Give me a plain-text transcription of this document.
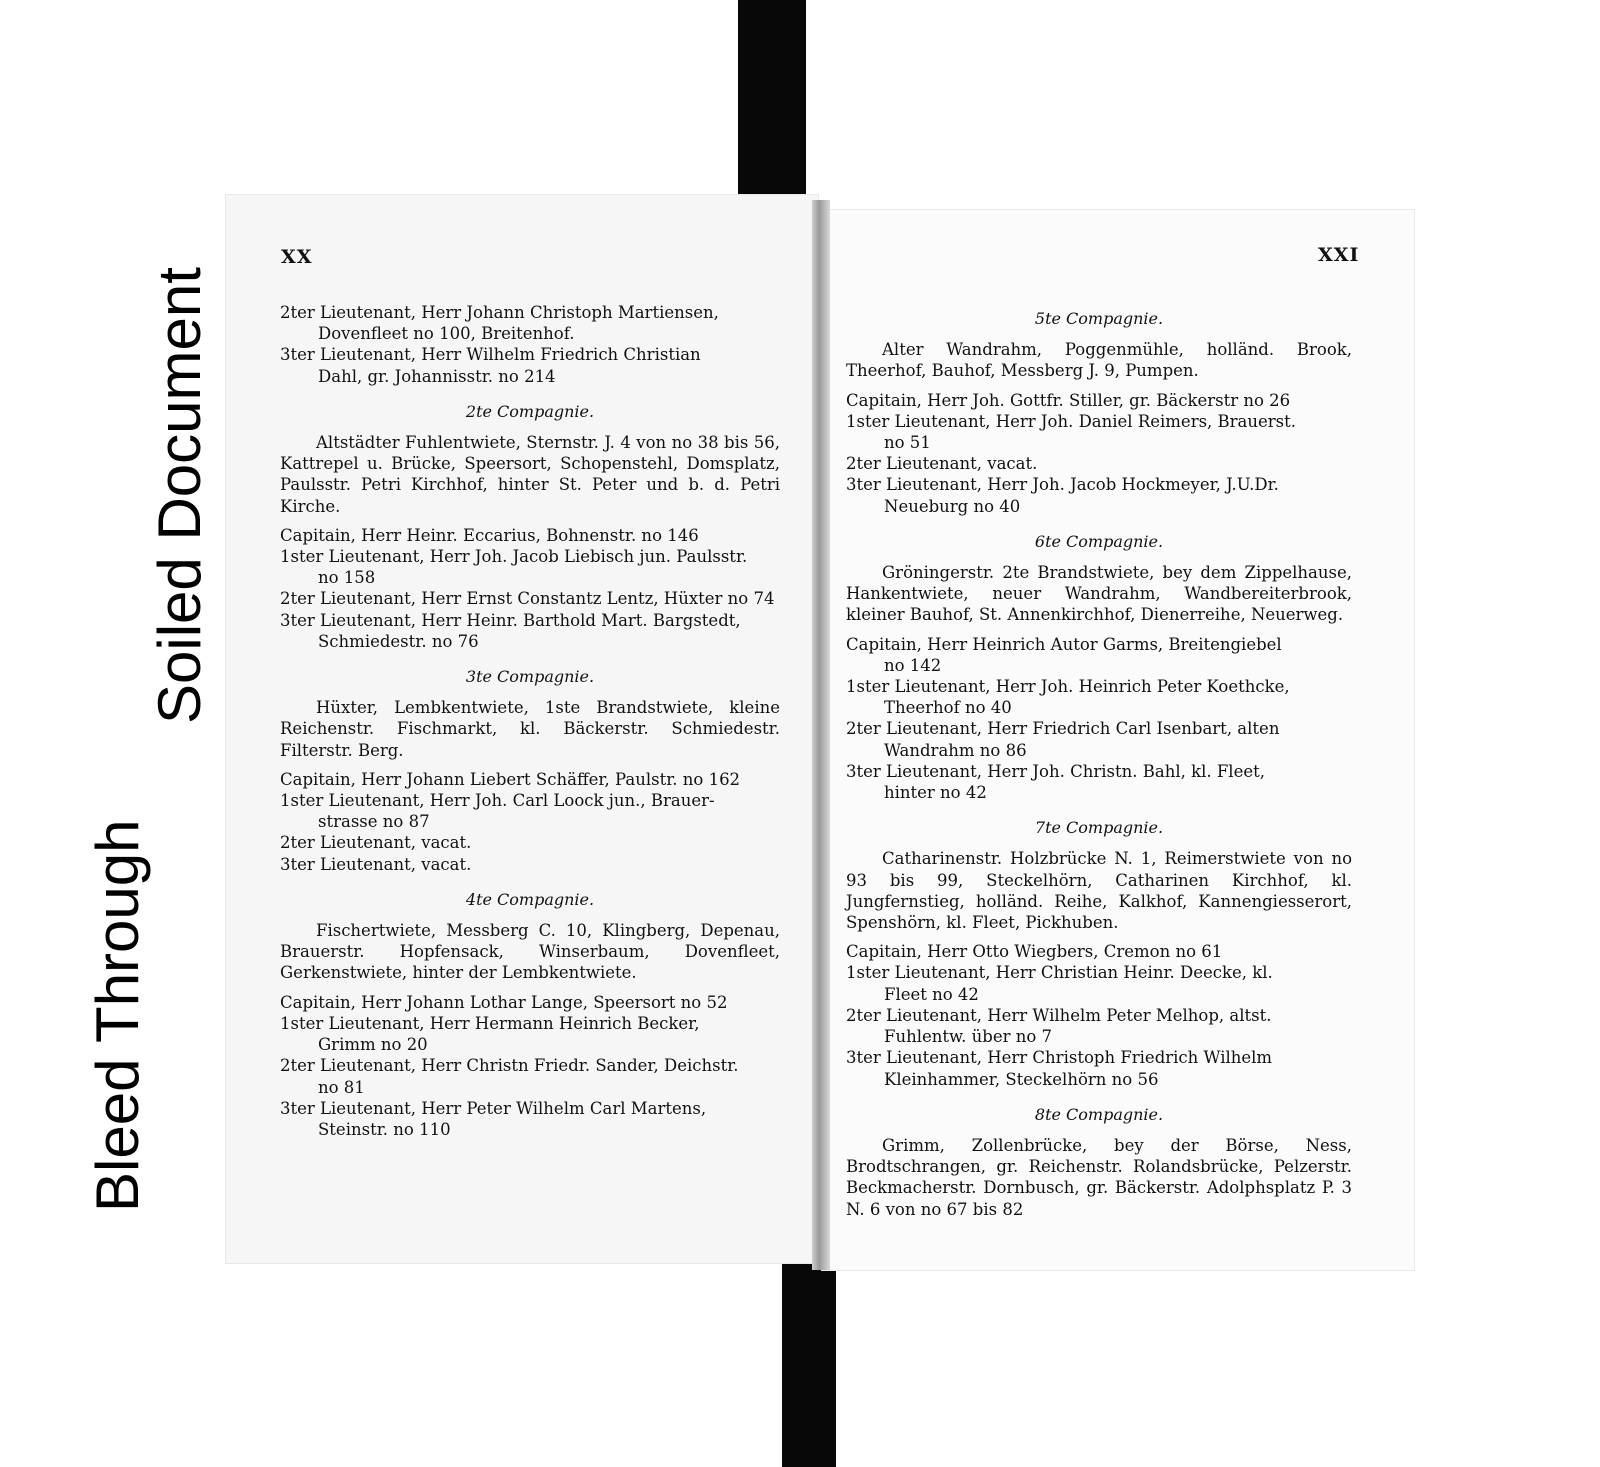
Bleed Through
Soiled Document
XX	XXI

2ter Lieutenant, Herr Johann Christoph Martiensen,
Dovenfleet no 100, Breitenhof.

3ter Lieutenant, Herr Wilhelm Friedrich Christian
Dahl, gr. Johannisstr. no 214

2te Compagnie.

Altstädter Fuhlentwiete, Sternstr. J. 4 von no 38 bis 56, Kattrepel u. Brücke, Speersort, Schopenstehl, Domsplatz, Paulsstr. Petri Kirchhof, hinter St. Peter und b. d. Petri Kirche.

Capitain, Herr Heinr. Eccarius, Bohnenstr. no 146

1ster Lieutenant, Herr Joh. Jacob Liebisch jun. Paulsstr.
no 158

2ter Lieutenant, Herr Ernst Constantz Lentz, Hüxter no 74

3ter Lieutenant, Herr Heinr. Barthold Mart. Bargstedt,
Schmiedestr. no 76

3te Compagnie.

Hüxter, Lembkentwiete, 1ste Brandstwiete, kleine Reichenstr. Fischmarkt, kl. Bäckerstr. Schmiedestr. Filterstr. Berg.

Capitain, Herr Johann Liebert Schäffer, Paulstr. no 162

1ster Lieutenant, Herr Joh. Carl Loock jun., Brauer-
strasse no 87

2ter Lieutenant, vacat.

3ter Lieutenant, vacat.

4te Compagnie.

Fischertwiete, Messberg C. 10, Klingberg, Depenau, Brauerstr. Hopfensack, Winserbaum, Dovenfleet, Gerkenstwiete, hinter der Lembkentwiete.

Capitain, Herr Johann Lothar Lange, Speersort no 52

1ster Lieutenant, Herr Hermann Heinrich Becker,
Grimm no 20

2ter Lieutenant, Herr Christn Friedr. Sander, Deichstr.
no 81

3ter Lieutenant, Herr Peter Wilhelm Carl Martens,
Steinstr. no 110

5te Compagnie.

Alter Wandrahm, Poggenmühle, holländ. Brook, Theerhof, Bauhof, Messberg J. 9, Pumpen.

Capitain, Herr Joh. Gottfr. Stiller, gr. Bäckerstr no 26

1ster Lieutenant, Herr Joh. Daniel Reimers, Brauerst.
no 51

2ter Lieutenant, vacat.

3ter Lieutenant, Herr Joh. Jacob Hockmeyer, J.U.Dr.
Neueburg no 40

6te Compagnie.

Gröningerstr. 2te Brandstwiete, bey dem Zippelhause, Hankentwiete, neuer Wandrahm, Wandbereiterbrook, kleiner Bauhof, St. Annenkirchhof, Dienerreihe, Neuerweg.

Capitain, Herr Heinrich Autor Garms, Breitengiebel
no 142

1ster Lieutenant, Herr Joh. Heinrich Peter Koethcke,
Theerhof no 40

2ter Lieutenant, Herr Friedrich Carl Isenbart, alten
Wandrahm no 86

3ter Lieutenant, Herr Joh. Christn. Bahl, kl. Fleet,
hinter no 42

7te Compagnie.

Catharinenstr. Holzbrücke N. 1, Reimerstwiete von no 93 bis 99, Steckelhörn, Catharinen Kirchhof, kl. Jungfernstieg, holländ. Reihe, Kalkhof, Kannengiesserort, Spenshörn, kl. Fleet, Pickhuben.

Capitain, Herr Otto Wiegbers, Cremon no 61

1ster Lieutenant, Herr Christian Heinr. Deecke, kl.
Fleet no 42

2ter Lieutenant, Herr Wilhelm Peter Melhop, altst.
Fuhlentw. über no 7

3ter Lieutenant, Herr Christoph Friedrich Wilhelm
Kleinhammer, Steckelhörn no 56

8te Compagnie.

Grimm, Zollenbrücke, bey der Börse, Ness, Brodtschrangen, gr. Reichenstr. Rolandsbrücke, Pelzerstr. Beckmacherstr. Dornbusch, gr. Bäckerstr. Adolphsplatz P. 3 N. 6 von no 67 bis 82
